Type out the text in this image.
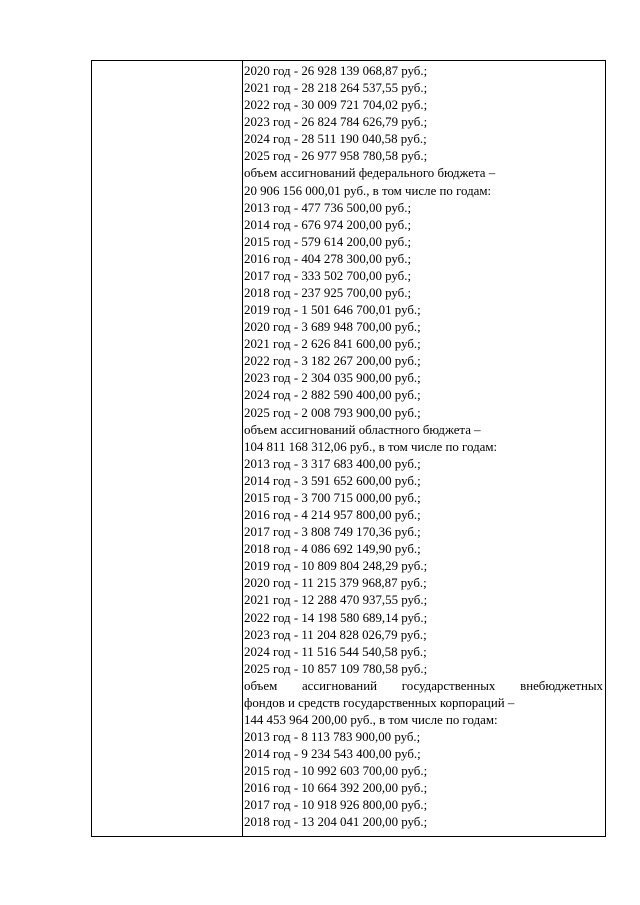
2020 год - 26 928 139 068,87 руб.;
2021 год - 28 218 264 537,55 руб.;
2022 год - 30 009 721 704,02 руб.;
2023 год - 26 824 784 626,79 руб.;
2024 год - 28 511 190 040,58 руб.;
2025 год - 26 977 958 780,58 руб.;
объем ассигнований федерального бюджета –
20 906 156 000,01 руб., в том числе по годам:
2013 год - 477 736 500,00 руб.;
2014 год - 676 974 200,00 руб.;
2015 год - 579 614 200,00 руб.;
2016 год - 404 278 300,00 руб.;
2017 год - 333 502 700,00 руб.;
2018 год - 237 925 700,00 руб.;
2019 год - 1 501 646 700,01 руб.;
2020 год - 3 689 948 700,00 руб.;
2021 год - 2 626 841 600,00 руб.;
2022 год - 3 182 267 200,00 руб.;
2023 год - 2 304 035 900,00 руб.;
2024 год - 2 882 590 400,00 руб.;
2025 год - 2 008 793 900,00 руб.;
объем ассигнований областного бюджета –
104 811 168 312,06 руб., в том числе по годам:
2013 год - 3 317 683 400,00 руб.;
2014 год - 3 591 652 600,00 руб.;
2015 год - 3 700 715 000,00 руб.;
2016 год - 4 214 957 800,00 руб.;
2017 год - 3 808 749 170,36 руб.;
2018 год - 4 086 692 149,90 руб.;
2019 год - 10 809 804 248,29 руб.;
2020 год - 11 215 379 968,87 руб.;
2021 год - 12 288 470 937,55 руб.;
2022 год - 14 198 580 689,14 руб.;
2023 год - 11 204 828 026,79 руб.;
2024 год - 11 516 544 540,58 руб.;
2025 год - 10 857 109 780,58 руб.;
объем ассигнований государственных внебюджетных
фондов и средств государственных корпораций –
144 453 964 200,00 руб., в том числе по годам:
2013 год - 8 113 783 900,00 руб.;
2014 год - 9 234 543 400,00 руб.;
2015 год - 10 992 603 700,00 руб.;
2016 год - 10 664 392 200,00 руб.;
2017 год - 10 918 926 800,00 руб.;
2018 год - 13 204 041 200,00 руб.;
